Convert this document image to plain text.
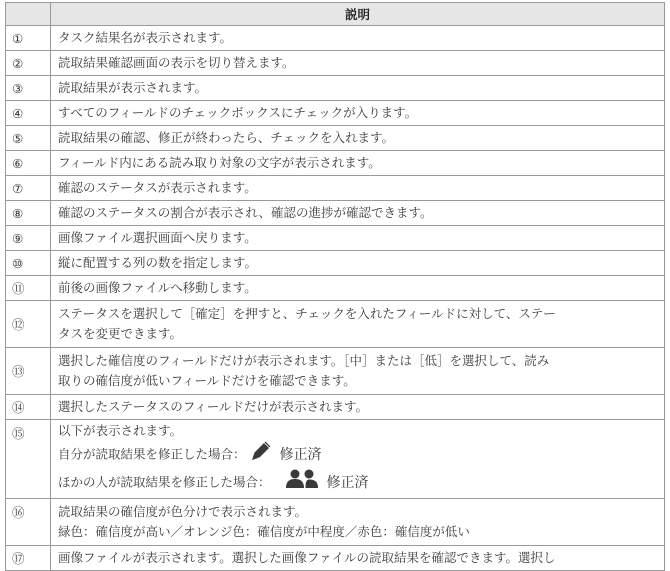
	説明
①	タスク結果名が表示されます。

②	読取結果確認画面の表示を切り替えます。

③	読取結果が表示されます。

④	すべてのフィールドのチェックボックスにチェックが入ります。

⑤	読取結果の確認、修正が終わったら、チェックを入れます。

⑥	フィールド内にある読み取り対象の文字が表示されます。

⑦	確認のステータスが表示されます。

⑧	確認のステータスの割合が表示され、確認の進捗が確認できます。

⑨	画像ファイル選択画面へ戻ります。

⑩	縦に配置する列の数を指定します。

⑪	前後の画像ファイルへ移動します。

⑫	ステータスを選択して［確定］を押すと、チェックを入れたフィールドに対して、ステー
タスを変更できます。

⑬	選択した確信度のフィールドだけが表示されます。［中］または［低］を選択して、読み
取りの確信度が低いフィールドだけを確認できます。

⑭	選択したステータスのフィールドだけが表示されます。

⑮	以下が表示されます。
自分が読取結果を修正した場合： 修正済
ほかの人が読取結果を修正した場合： 修正済

⑯	読取結果の確信度が色分けで表示されます。
緑色：確信度が高い／オレンジ色：確信度が中程度／赤色：確信度が低い

⑰	画像ファイルが表示されます。選択した画像ファイルの読取結果を確認できます。選択し
